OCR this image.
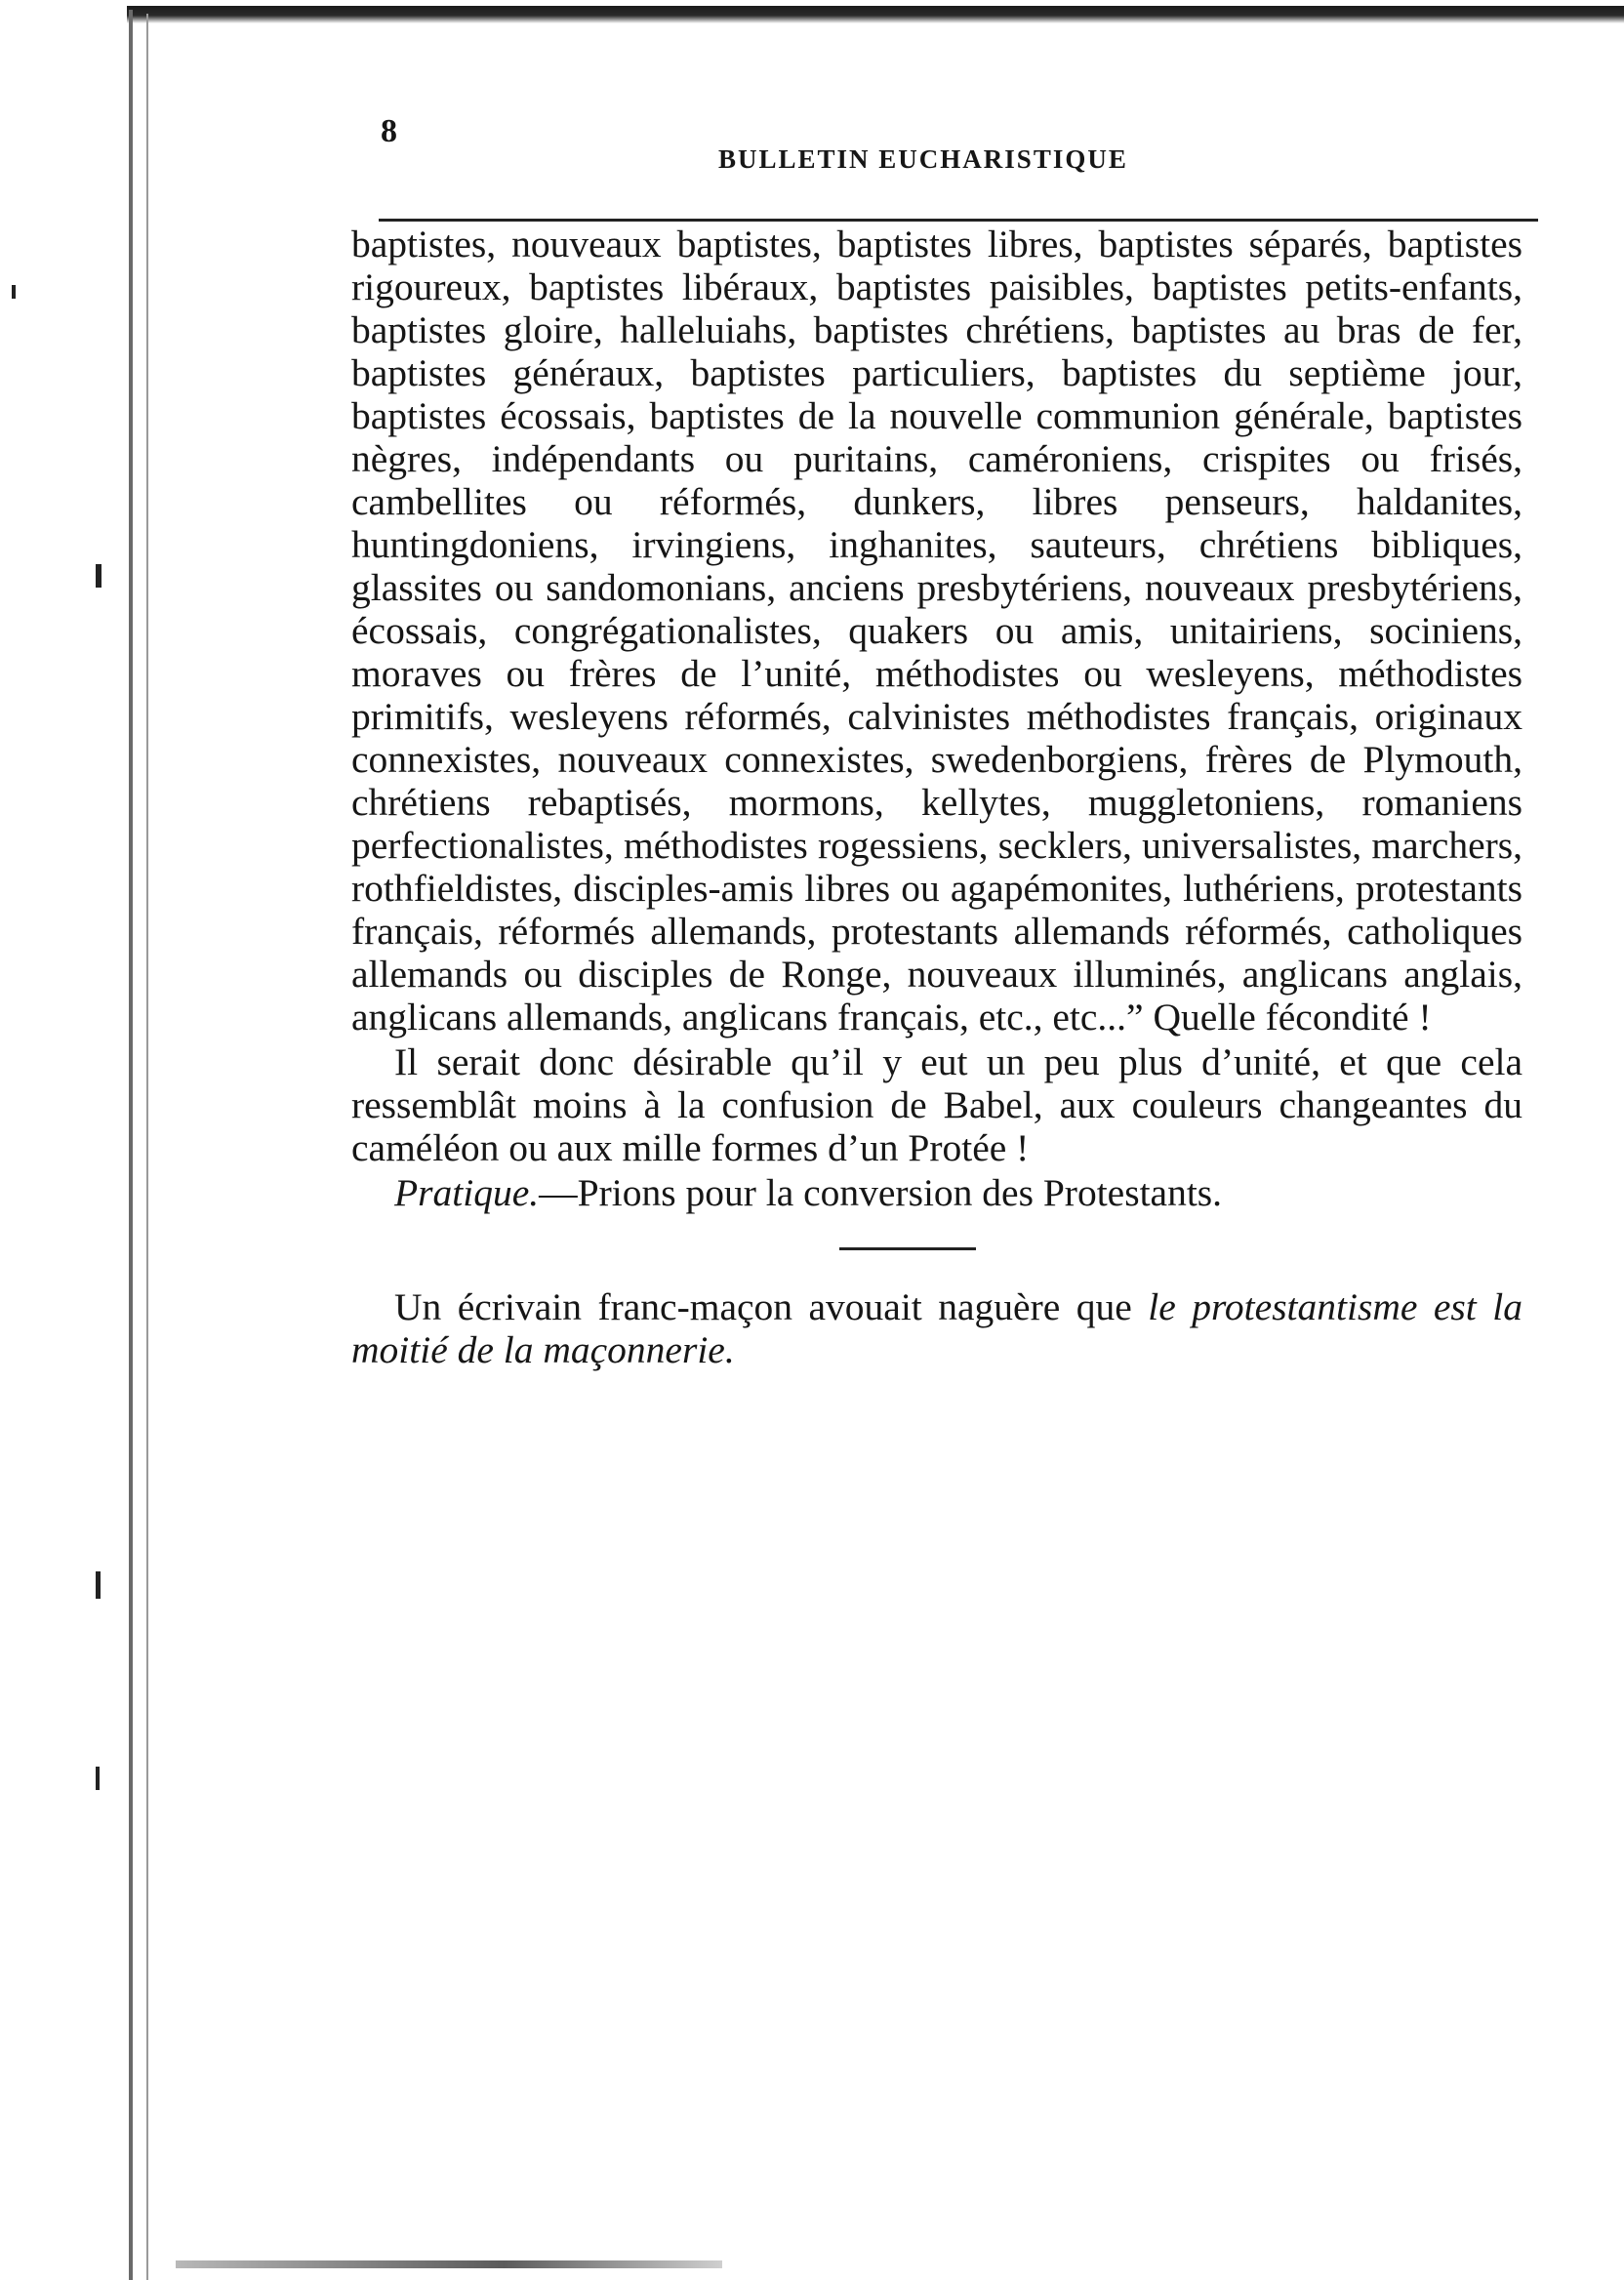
8
BULLETIN EUCHARISTIQUE

baptistes, nouveaux baptistes, baptistes libres, baptistes séparés, baptistes rigoureux, baptistes libéraux, baptistes paisibles, baptistes petits-enfants, baptistes gloire, halleluiahs, baptistes chrétiens, baptistes au bras de fer, baptistes généraux, baptistes particuliers, baptistes du septième jour, baptistes écossais, baptistes de la nouvelle communion générale, baptistes nègres, indépendants ou puritains, caméroniens, crispites ou frisés, cambellites ou réformés, dunkers, libres penseurs, haldanites, huntingdoniens, irvingiens, inghanites, sauteurs, chrétiens bibliques, glassites ou sandomonians, anciens presbytériens, nouveaux presbytériens, écossais, congrégationalistes, quakers ou amis, unitairiens, sociniens, moraves ou frères de l’unité, méthodistes ou wesleyens, méthodistes primitifs, wesleyens réformés, calvinistes méthodistes français, originaux connexistes, nouveaux connexistes, swedenborgiens, frères de Plymouth, chrétiens rebaptisés, mormons, kellytes, muggletoniens, romaniens perfectionalistes, méthodistes rogessiens, secklers, universalistes, marchers, rothfieldistes, disciples-amis libres ou agapémonites, luthériens, protestants français, réformés allemands, protestants allemands réformés, catholiques allemands ou disciples de Ronge, nouveaux illuminés, anglicans anglais, anglicans allemands, anglicans français, etc., etc...” Quelle fécondité !

Il serait donc désirable qu’il y eut un peu plus d’unité, et que cela ressemblât moins à la confusion de Babel, aux couleurs changeantes du caméléon ou aux mille formes d’un Protée !

Pratique.—Prions pour la conversion des Protestants.

Un écrivain franc-maçon avouait naguère que le protestantisme est la moitié de la maçonnerie.
